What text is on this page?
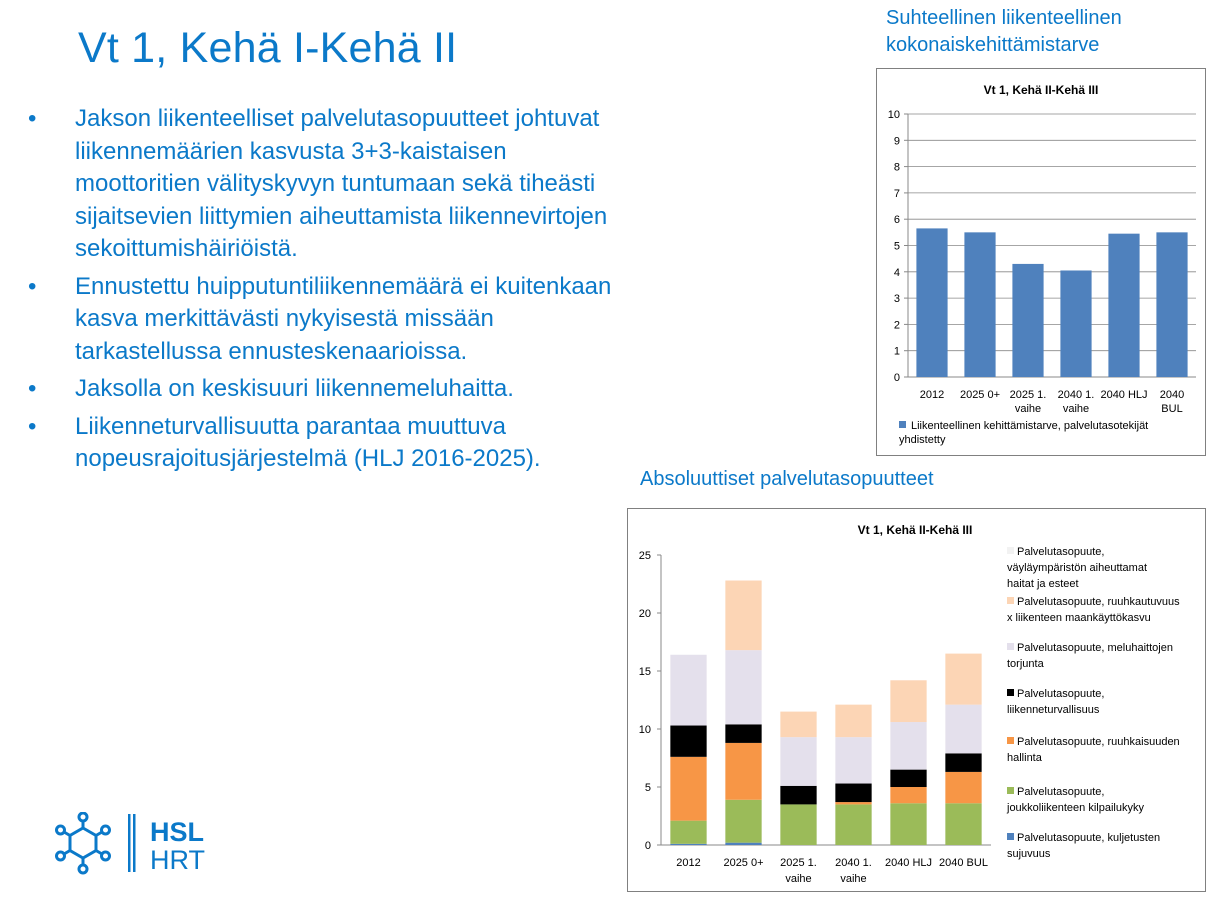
Vt 1, Kehä I-Kehä II
• Jakson liikenteelliset palvelutasopuutteet johtuvat liikennemäärien kasvusta 3+3-kaistaisen moottoritien välityskyvyn tuntumaan sekä tiheästi sijaitsevien liittymien aiheuttamista liikennevirtojen sekoittumishäiriöistä.
• Ennustettu huipputuntiliikennemäärä ei kuitenkaan kasva merkittävästi nykyisestä missään tarkastellussa ennusteskenaarioissa.
• Jaksolla on keskisuuri liikennemeluhaitta.
• Liikenneturvallisuutta parantaa muuttuva nopeusrajoitusjärjestelmä (HLJ 2016-2025).
Suhteellinen liikenteellinen
kokonaiskehittämistarve
Vt 1, Kehä II-Kehä III
0
1
2
3
4
5
6
7
8
9
10
2012 2025 0+ 2025 1. vaihe
2040 1. vaihe
2040 HLJ 2040 BUL
Liikenteellinen kehittämistarve, palvelutasotekijät yhdistetty
Absoluuttiset palvelutasopuutteet
Vt 1, Kehä II-Kehä III
0
5
10
15
20
25
2012 2025 0+ 2025 1. vaihe
2040 1. vaihe
2040 HLJ 2040 BUL
Palvelutasopuute, väyläympäristön aiheuttamat haitat ja esteet
Palvelutasopuute, ruuhkautuvuus x liikenteen maankäyttökasvu
Palvelutasopuute, meluhaittojen torjunta
Palvelutasopuute, liikenneturvallisuus
Palvelutasopuute, ruuhkaisuuden hallinta
Palvelutasopuute, joukkoliikenteen kilpailukyky
Palvelutasopuute, kuljetusten sujuvuus
HSL
HRT
